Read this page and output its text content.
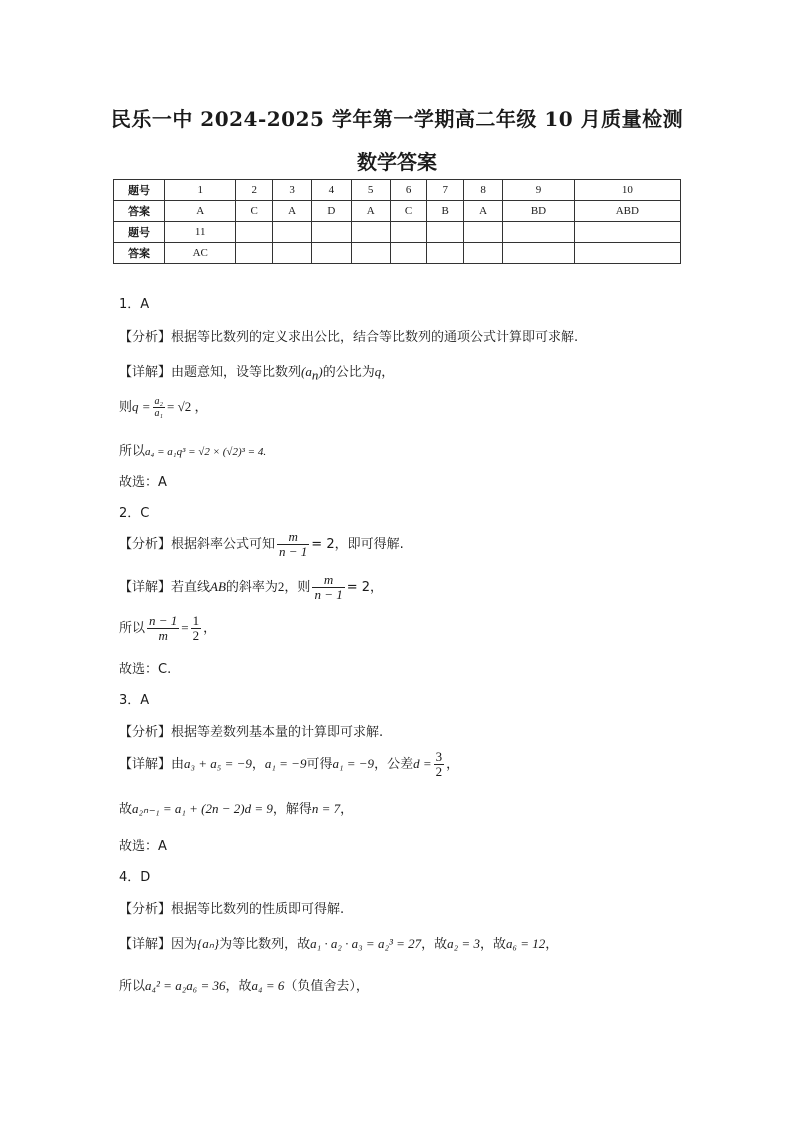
民乐一中 2024-2025 学年第一学期高二年级 10 月质量检测
数学答案
题号	1	2	3	4	5	6	7	8	9	10
答案	A	C	A	D	A	C	B	A	BD	ABD
题号	11									
答案	AC									
1．A
【分析】根据等比数列的定义求出公比，结合等比数列的通项公式计算即可求解.
【详解】由题意知，设等比数列$(a_n)$的公比为q，
则$q = \frac{\text{a₂}}{\text{a₁}} = √2$ ，
所以a₄ = a₁q³ = √2 × (√2)³ = 4.
故选：A
2．C
【分析】根据斜率公式可知 $\frac{m}{n - 1} = 2$，即可得解.
【详解】若直线AB的斜率为2，则 $\frac{m}{n - 1} = 2$，
所以 $\frac{n - 1}{m} = \frac{1}{2}$ ，
故选：C.
3．A
【分析】根据等差数列基本量的计算即可求解.
【详解】由a₃ + a₅ = −9，a₁ = −9可得a₁ = −9，公差$d = \frac{3}{2}$ ，
故a₂ₙ₋₁ = a₁ + (2n − 2)d = 9，解得n = 7，
故选：A
4．D
【分析】根据等比数列的性质即可得解.
【详解】因为{aₙ}为等比数列，故a₁ · a₂ · a₃ = a₂³ = 27，故a₂ = 3，故a₆ = 12，
所以a₄² = a₂a₆ = 36，故a₄ = 6（负值舍去），
